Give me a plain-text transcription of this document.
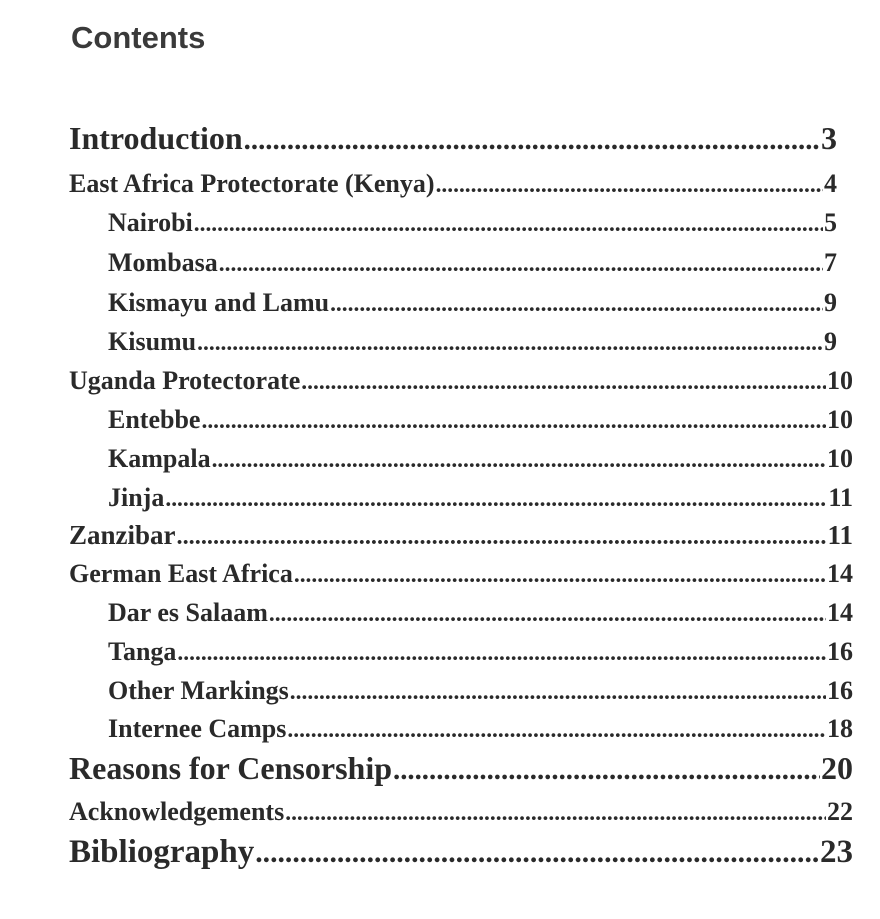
Contents
Introduction .....	3
East Africa Protectorate (Kenya) .....	4
Nairobi .....	5
Mombasa .....	7
Kismayu and Lamu .....	9
Kisumu .....	9
Uganda Protectorate .....	10
Entebbe .....	10
Kampala .....	10
Jinja .....	11
Zanzibar .....	11
German East Africa .....	14
Dar es Salaam .....	14
Tanga .....	16
Other Markings .....	16
Internee Camps .....	18
Reasons for Censorship .....	20
Acknowledgements .....	22
Bibliography .....	23
